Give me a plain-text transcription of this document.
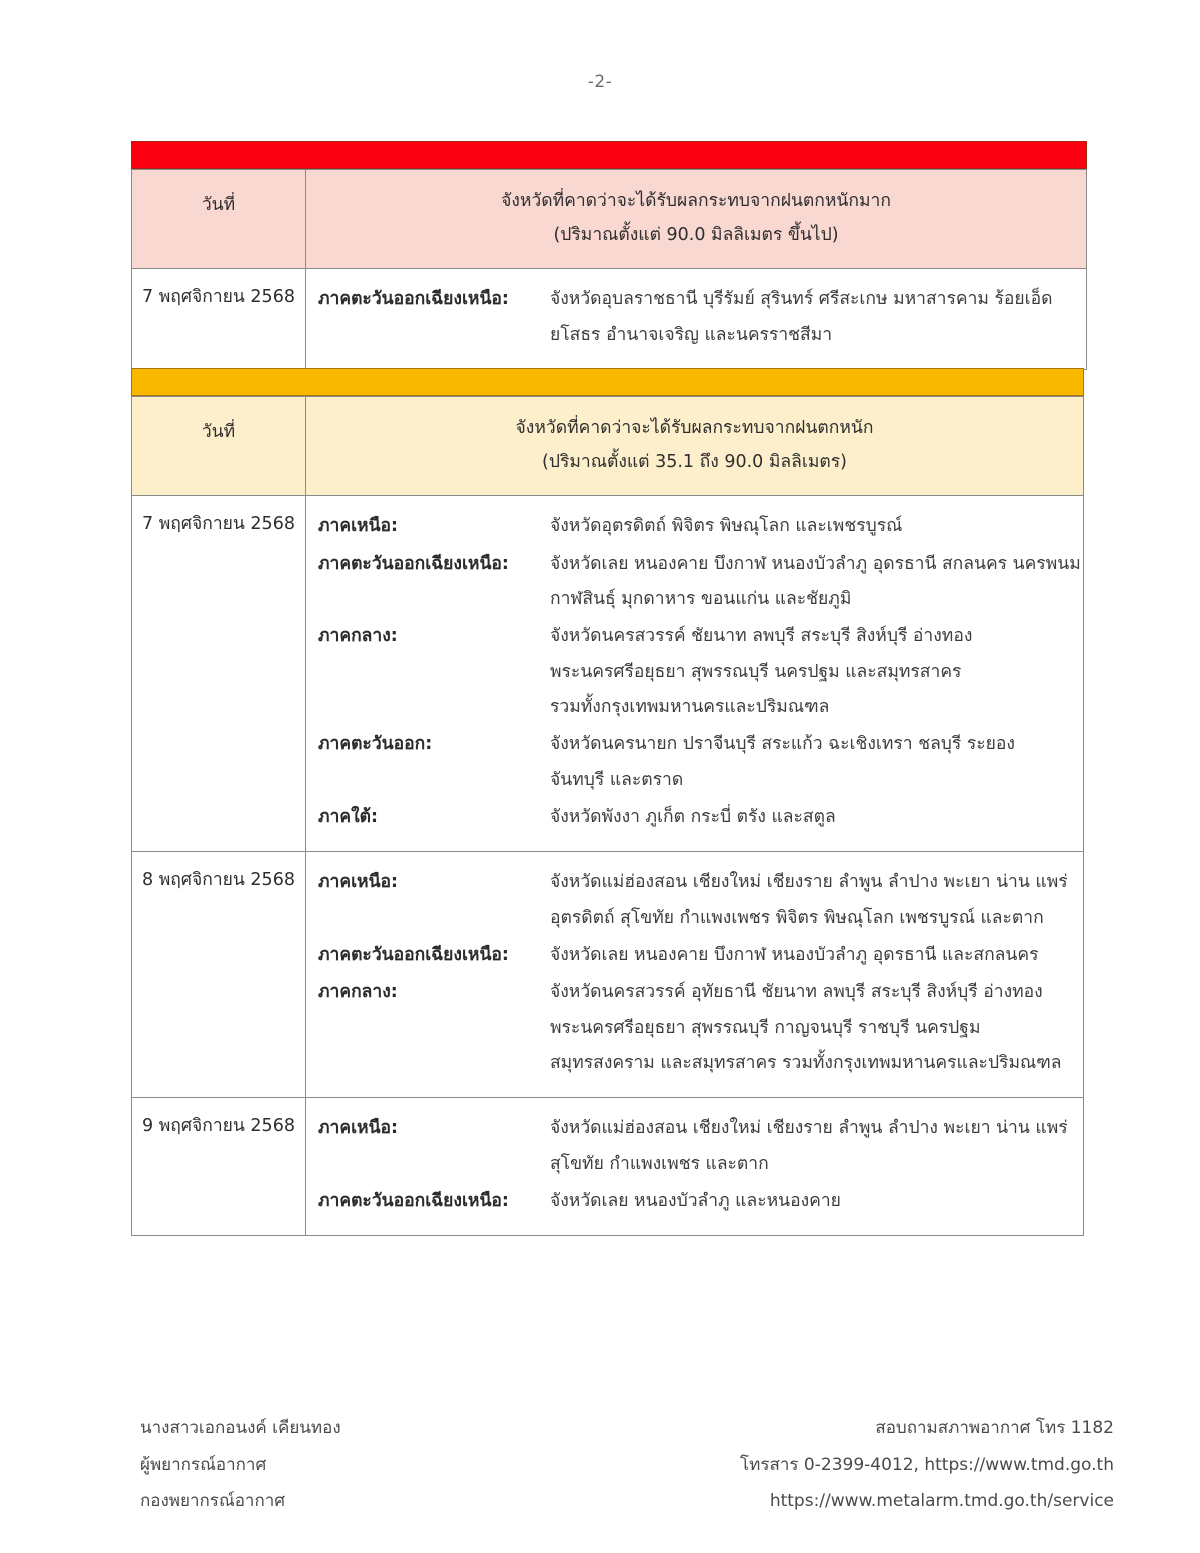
-2-
วันที่	จังหวัดที่คาดว่าจะได้รับผลกระทบจากฝนตกหนักมาก
(ปริมาณตั้งแต่ 90.0 มิลลิเมตร ขึ้นไป)

7 พฤศจิกายน 2568	ภาคตะวันออกเฉียงเหนือ: จังหวัดอุบลราชธานี บุรีรัมย์ สุรินทร์ ศรีสะเกษ มหาสารคาม ร้อยเอ็ด
ยโสธร อำนาจเจริญ และนครราชสีมา
วันที่	จังหวัดที่คาดว่าจะได้รับผลกระทบจากฝนตกหนัก
(ปริมาณตั้งแต่ 35.1 ถึง 90.0 มิลลิเมตร)

7 พฤศจิกายน 2568	ภาคเหนือ:	จังหวัดอุตรดิตถ์ พิจิตร พิษณุโลก และเพชรบูรณ์
ภาคตะวันออกเฉียงเหนือ:	จังหวัดเลย หนองคาย บึงกาฬ หนองบัวลำภู อุดรธานี สกลนคร นครพนม
กาฬสินธุ์ มุกดาหาร ขอนแก่น และชัยภูมิ
ภาคกลาง:	จังหวัดนครสวรรค์ ชัยนาท ลพบุรี สระบุรี สิงห์บุรี อ่างทอง
พระนครศรีอยุธยา สุพรรณบุรี นครปฐม และสมุทรสาคร
รวมทั้งกรุงเทพมหานครและปริมณฑล
ภาคตะวันออก:	จังหวัดนครนายก ปราจีนบุรี สระแก้ว ฉะเชิงเทรา ชลบุรี ระยอง
จันทบุรี และตราด
ภาคใต้:	จังหวัดพังงา ภูเก็ต กระบี่ ตรัง และสตูล

8 พฤศจิกายน 2568	ภาคเหนือ:	จังหวัดแม่ฮ่องสอน เชียงใหม่ เชียงราย ลำพูน ลำปาง พะเยา น่าน แพร่
อุตรดิตถ์ สุโขทัย กำแพงเพชร พิจิตร พิษณุโลก เพชรบูรณ์ และตาก
ภาคตะวันออกเฉียงเหนือ:	จังหวัดเลย หนองคาย บึงกาฬ หนองบัวลำภู อุดรธานี และสกลนคร
ภาคกลาง:	จังหวัดนครสวรรค์ อุทัยธานี ชัยนาท ลพบุรี สระบุรี สิงห์บุรี อ่างทอง
พระนครศรีอยุธยา สุพรรณบุรี กาญจนบุรี ราชบุรี นครปฐม
สมุทรสงคราม และสมุทรสาคร รวมทั้งกรุงเทพมหานครและปริมณฑล

9 พฤศจิกายน 2568	ภาคเหนือ: จังหวัดแม่ฮ่องสอน เชียงใหม่ เชียงราย ลำพูน ลำปาง พะเยา น่าน แพร่
สุโขทัย กำแพงเพชร และตาก
ภาคตะวันออกเฉียงเหนือ: จังหวัดเลย หนองบัวลำภู และหนองคาย
นางสาวเอกอนงค์ เคียนทอง
ผู้พยากรณ์อากาศ
กองพยากรณ์อากาศ
สอบถามสภาพอากาศ โทร 1182
โทรสาร 0-2399-4012, https://www.tmd.go.th
https://www.metalarm.tmd.go.th/service
